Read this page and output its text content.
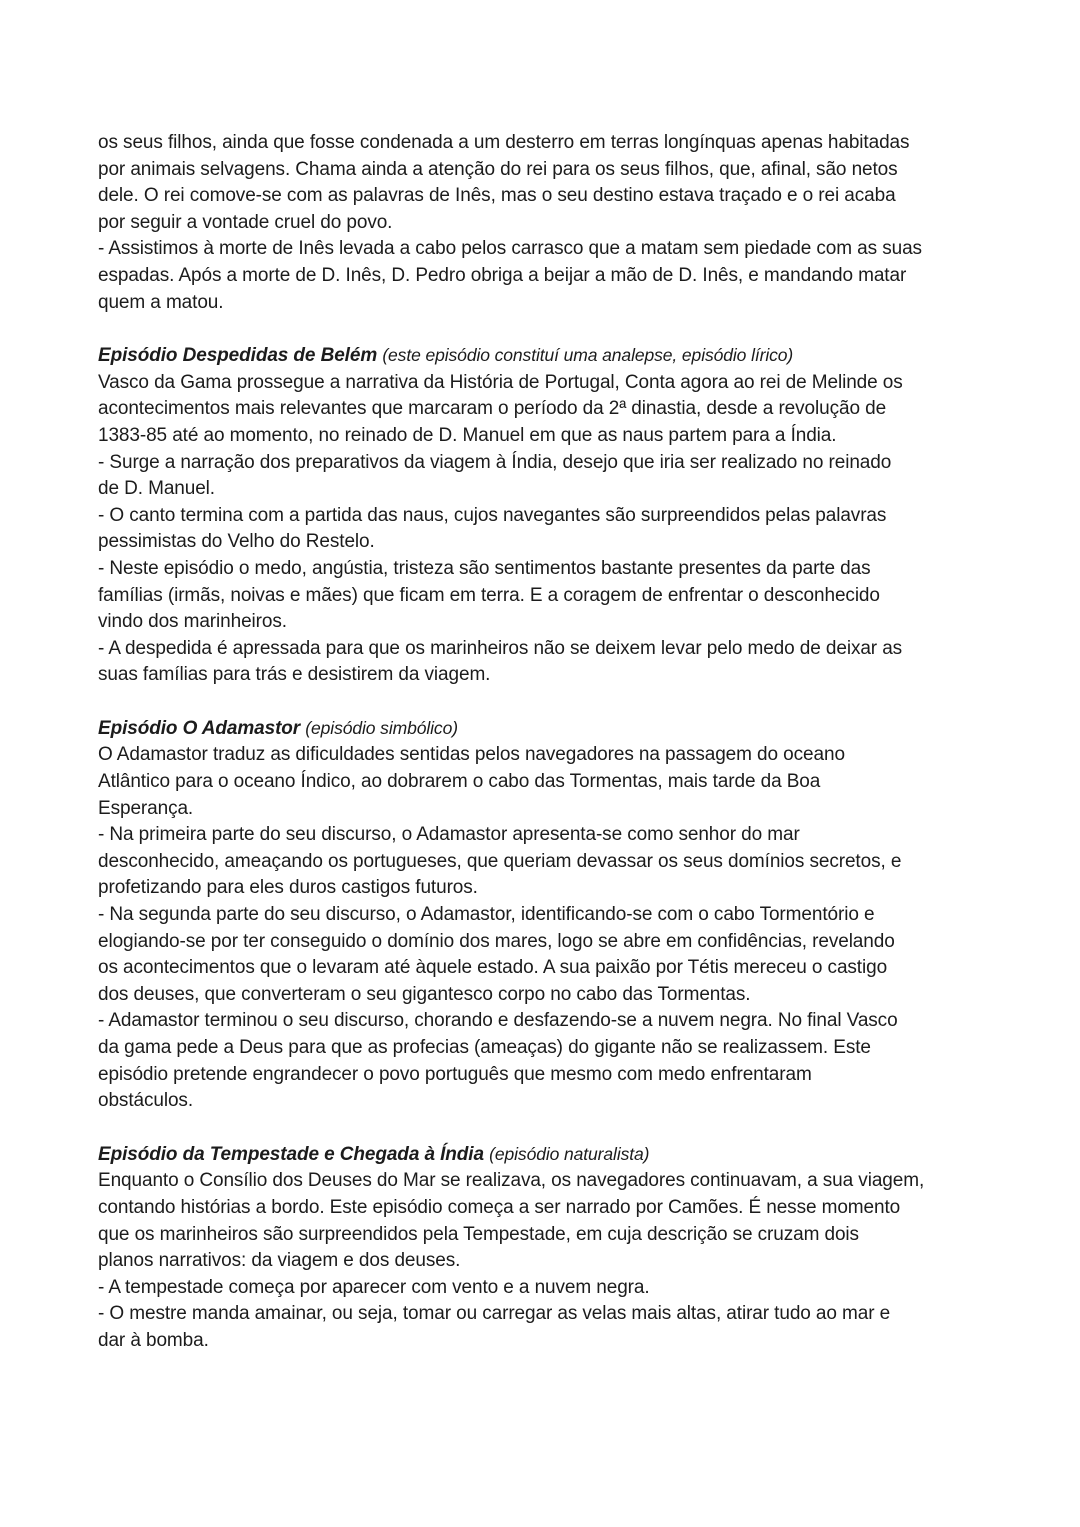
os seus filhos, ainda que fosse condenada a um desterro em terras longínquas apenas habitadas
por animais selvagens. Chama ainda a atenção do rei para os seus filhos, que, afinal, são netos
dele. O rei comove-se com as palavras de Inês, mas o seu destino estava traçado e o rei acaba
por seguir a vontade cruel do povo.
- Assistimos à morte de Inês levada a cabo pelos carrasco que a matam sem piedade com as suas
espadas. Após a morte de D. Inês, D. Pedro obriga a beijar a mão de D. Inês, e mandando matar
quem a matou.
Episódio Despedidas de Belém (este episódio constituí uma analepse, episódio lírico)
Vasco da Gama prossegue a narrativa da História de Portugal, Conta agora ao rei de Melinde os
acontecimentos mais relevantes que marcaram o período da 2ª dinastia, desde a revolução de
1383-85 até ao momento, no reinado de D. Manuel em que as naus partem para a Índia.
- Surge a narração dos preparativos da viagem à Índia, desejo que iria ser realizado no reinado
de D. Manuel.
- O canto termina com a partida das naus, cujos navegantes são surpreendidos pelas palavras
pessimistas do Velho do Restelo.
- Neste episódio o medo, angústia, tristeza são sentimentos bastante presentes da parte das
famílias (irmãs, noivas e mães) que ficam em terra. E a coragem de enfrentar o desconhecido
vindo dos marinheiros.
- A despedida é apressada para que os marinheiros não se deixem levar pelo medo de deixar as
suas famílias para trás e desistirem da viagem.
Episódio O Adamastor (episódio simbólico)
O Adamastor traduz as dificuldades sentidas pelos navegadores na passagem do oceano
Atlântico para o oceano Índico, ao dobrarem o cabo das Tormentas, mais tarde da Boa
Esperança.
- Na primeira parte do seu discurso, o Adamastor apresenta-se como senhor do mar
desconhecido, ameaçando os portugueses, que queriam devassar os seus domínios secretos, e
profetizando para eles duros castigos futuros.
- Na segunda parte do seu discurso, o Adamastor, identificando-se com o cabo Tormentório e
elogiando-se por ter conseguido o domínio dos mares, logo se abre em confidências, revelando
os acontecimentos que o levaram até àquele estado. A sua paixão por Tétis mereceu o castigo
dos deuses, que converteram o seu gigantesco corpo no cabo das Tormentas.
- Adamastor terminou o seu discurso, chorando e desfazendo-se a nuvem negra. No final Vasco
da gama pede a Deus para que as profecias (ameaças) do gigante não se realizassem. Este
episódio pretende engrandecer o povo português que mesmo com medo enfrentaram
obstáculos.
Episódio da Tempestade e Chegada à Índia (episódio naturalista)
Enquanto o Consílio dos Deuses do Mar se realizava, os navegadores continuavam, a sua viagem,
contando histórias a bordo. Este episódio começa a ser narrado por Camões. É nesse momento
que os marinheiros são surpreendidos pela Tempestade, em cuja descrição se cruzam dois
planos narrativos: da viagem e dos deuses.
- A tempestade começa por aparecer com vento e a nuvem negra.
- O mestre manda amainar, ou seja, tomar ou carregar as velas mais altas, atirar tudo ao mar e
dar à bomba.
